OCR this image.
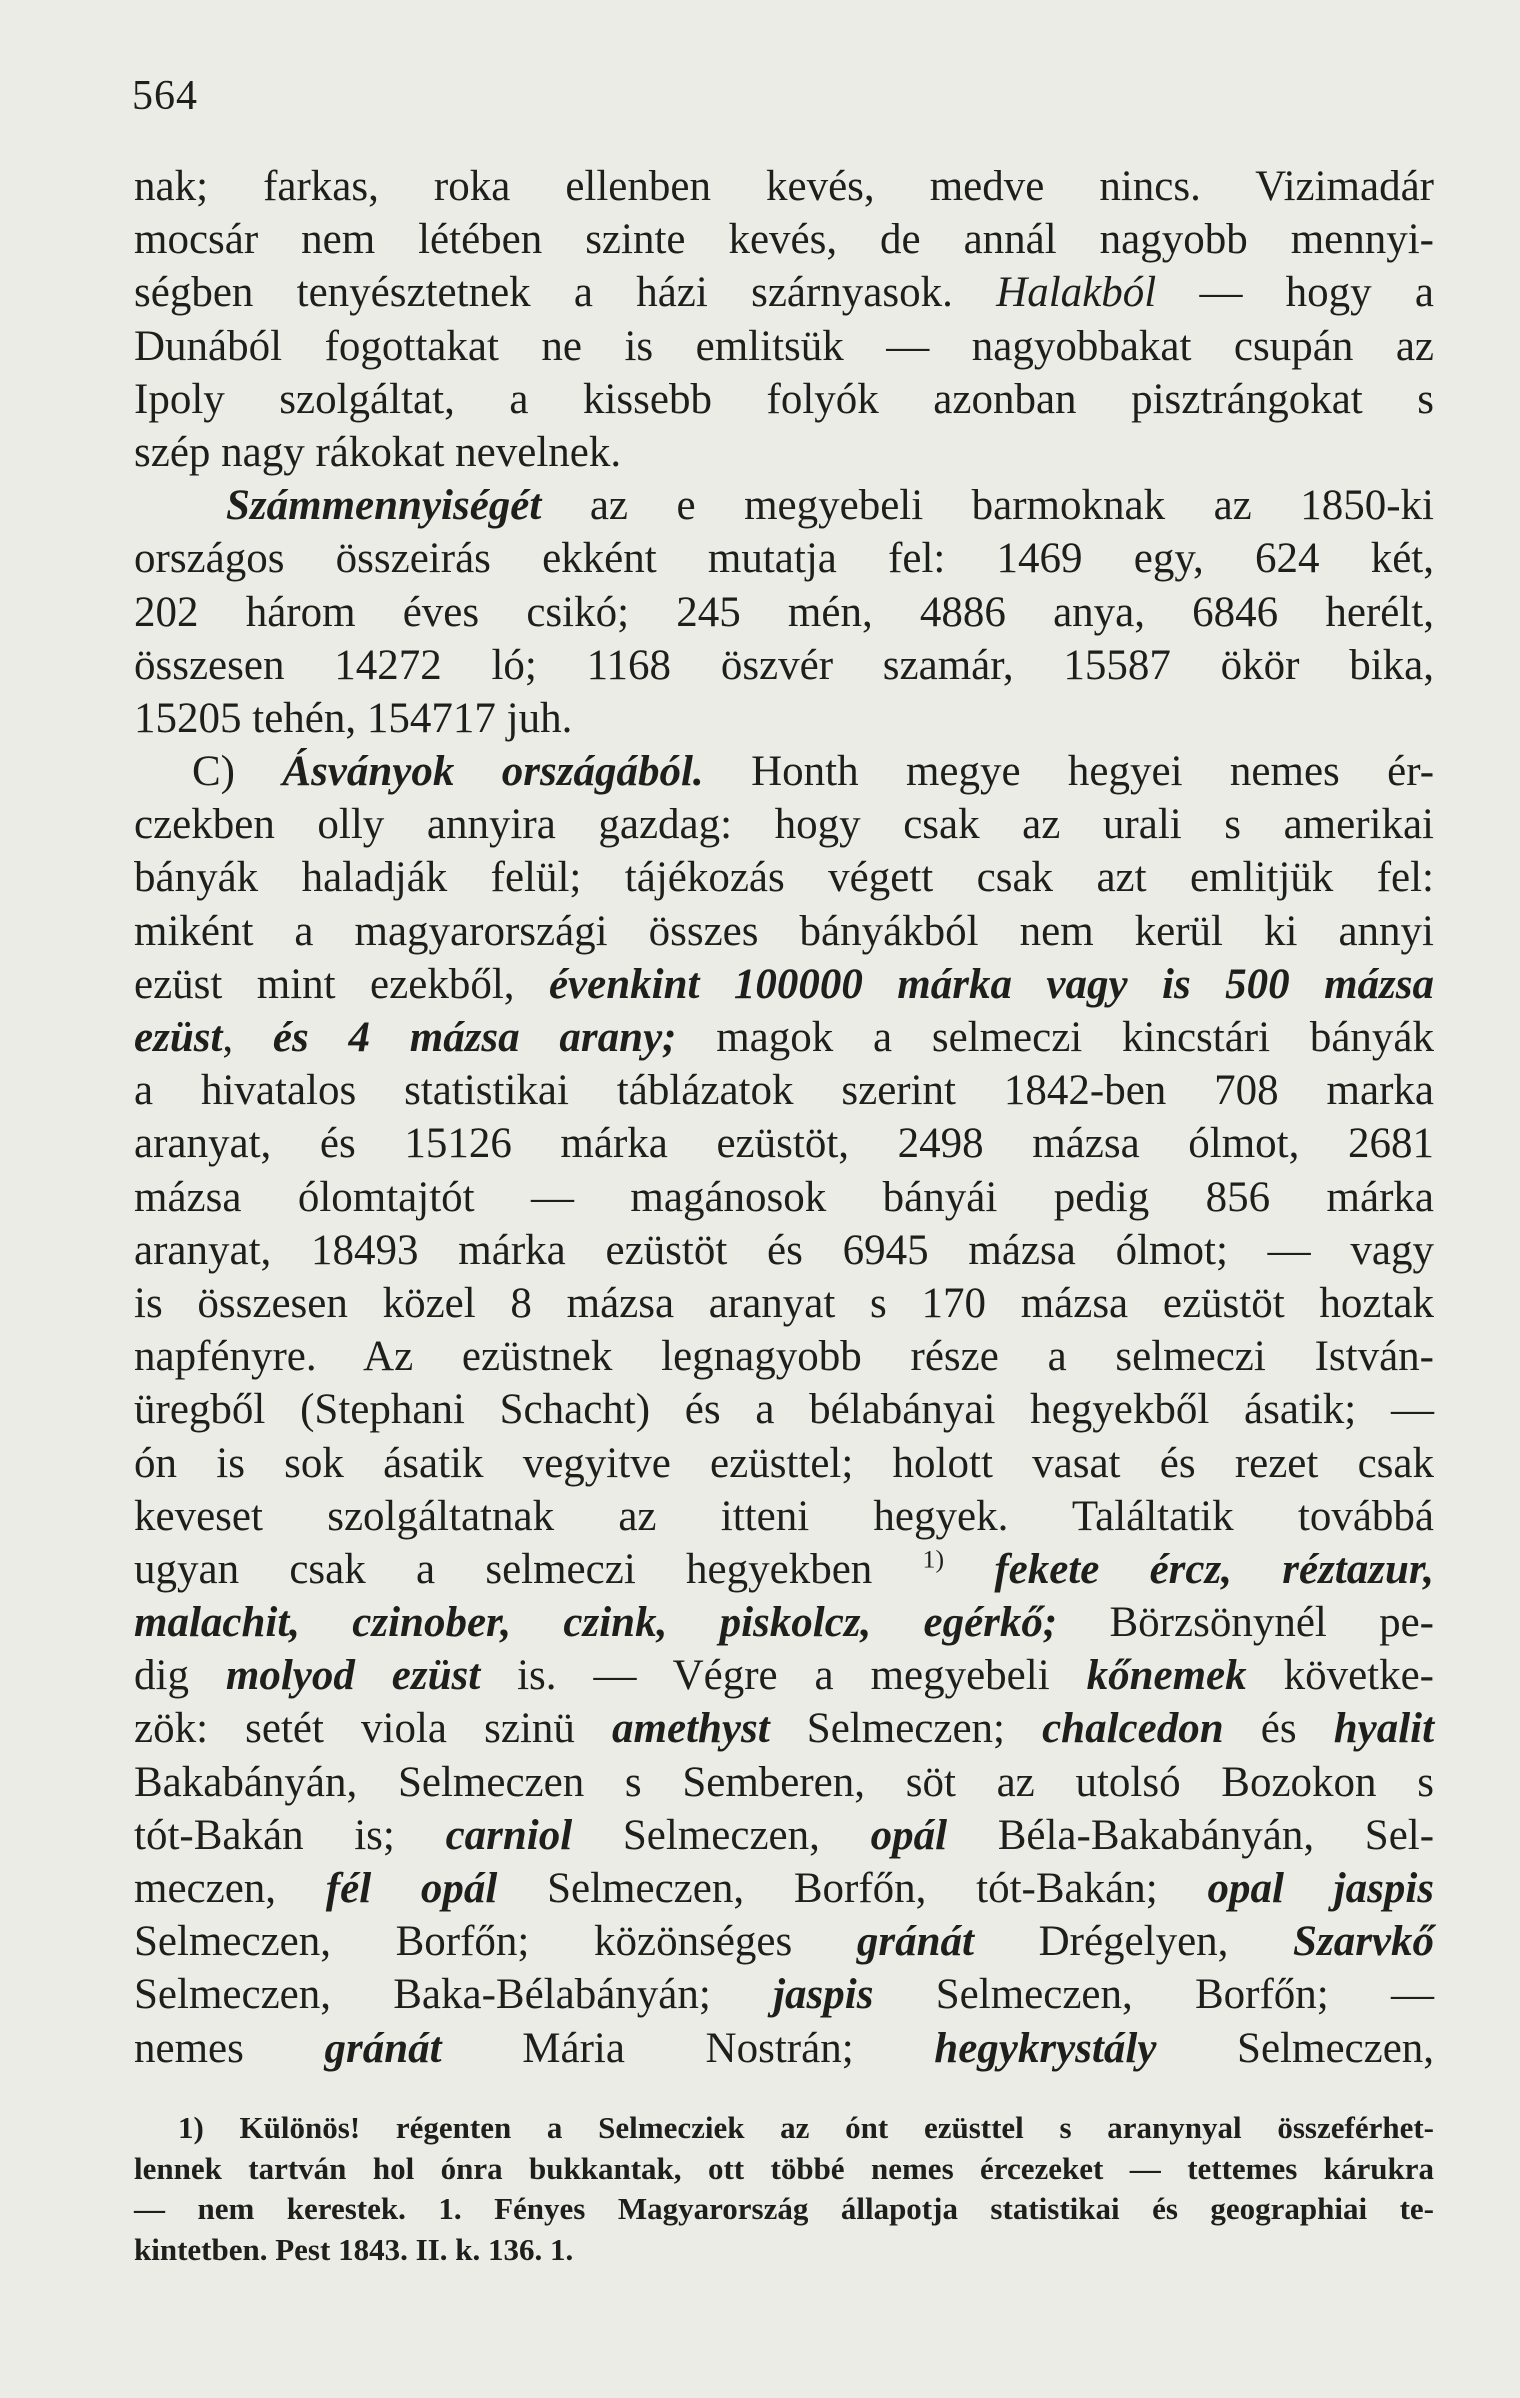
564
nak; farkas, roka ellenben kevés, medve nincs. Vizimadár
mocsár nem létében szinte kevés, de annál nagyobb mennyi-
ségben tenyésztetnek a házi szárnyasok. Halakból — hogy a
Dunából fogottakat ne is emlitsük — nagyobbakat csupán az
Ipoly szolgáltat, a kissebb folyók azonban pisztrángokat s
szép nagy rákokat nevelnek.
Számmennyiségét az e megyebeli barmoknak az 1850-ki
országos összeirás ekként mutatja fel: 1469 egy, 624 két,
202 három éves csikó; 245 mén, 4886 anya, 6846 herélt,
összesen 14272 ló; 1168 öszvér szamár, 15587 ökör bika,
15205 tehén, 154717 juh.
C) Ásványok országából. Honth megye hegyei nemes ér-
czekben olly annyira gazdag: hogy csak az urali s amerikai
bányák haladják felül; tájékozás végett csak azt emlitjük fel:
miként a magyarországi összes bányákból nem kerül ki annyi
ezüst mint ezekből, évenkint 100000 márka vagy is 500 mázsa
ezüst, és 4 mázsa arany; magok a selmeczi kincstári bányák
a hivatalos statistikai táblázatok szerint 1842-ben 708 marka
aranyat, és 15126 márka ezüstöt, 2498 mázsa ólmot, 2681
mázsa ólomtajtót — magánosok bányái pedig 856 márka
aranyat, 18493 márka ezüstöt és 6945 mázsa ólmot; — vagy
is összesen közel 8 mázsa aranyat s 170 mázsa ezüstöt hoztak
napfényre. Az ezüstnek legnagyobb része a selmeczi István-
üregből (Stephani Schacht) és a bélabányai hegyekből ásatik; —
ón is sok ásatik vegyitve ezüsttel; holott vasat és rezet csak
keveset szolgáltatnak az itteni hegyek. Találtatik továbbá
ugyan csak a selmeczi hegyekben $^{1)}$ fekete ércz, réztazur,
malachit, czinober, czink, piskolcz, egérkő; Börzsönynél pe-
dig molyod ezüst is. — Végre a megyebeli kőnemek követke-
zök: setét viola szinü amethyst Selmeczen; chalcedon és hyalit
Bakabányán, Selmeczen s Semberen, söt az utolsó Bozokon s
tót-Bakán is; carniol Selmeczen, opál Béla-Bakabányán, Sel-
meczen, fél opál Selmeczen, Borfőn, tót-Bakán; opal jaspis
Selmeczen, Borfőn; közönséges gránát Drégelyen, Szarvkő
Selmeczen, Baka-Bélabányán; jaspis Selmeczen, Borfőn; —
nemes gránát Mária Nostrán; hegykrystály Selmeczen,
1) Különös! régenten a Selmecziek az ónt ezüsttel s aranynyal összeférhet-
lennek tartván hol ónra bukkantak, ott többé nemes ércezeket — tettemes kárukra
— nem kerestek. 1. Fényes Magyarország állapotja statistikai és geographiai te-
kintetben. Pest 1843. II. k. 136. 1.
